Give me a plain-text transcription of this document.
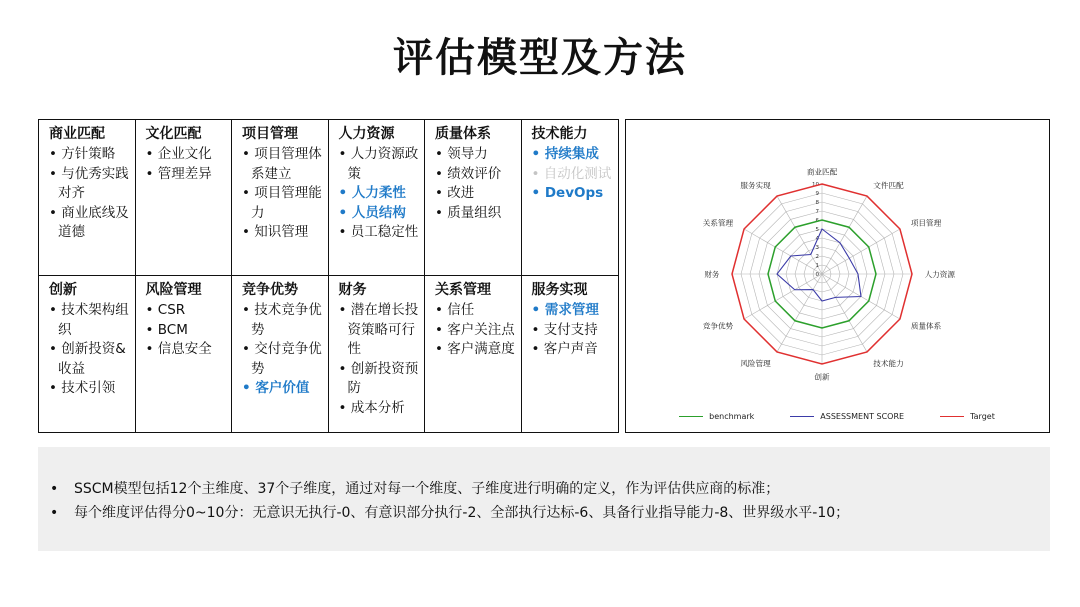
评估模型及方法
商业匹配
• 方针策略
• 与优秀实践对齐
• 商业底线及道德
文化匹配
• 企业文化
• 管理差异
项目管理
• 项目管理体系建立
• 项目管理能力
• 知识管理
人力资源
• 人力资源政策
• 人力柔性
• 人员结构
• 员工稳定性
质量体系
• 领导力
• 绩效评价
• 改进
• 质量组织
技术能力
• 持续集成
• 自动化测试
• DevOps
创新
• 技术架构组织
• 创新投资&收益
• 技术引领
风险管理
• CSR
• BCM
• 信息安全
竞争优势
• 技术竞争优势
• 交付竞争优势
• 客户价值
财务
• 潜在增长投资策略可行性
• 创新投资预防
• 成本分析
关系管理
• 信任
• 客户关注点
• 客户满意度
服务实现
• 需求管理
• 支付支持
• 客户声音
0
1
2
3
4
5
6
7
8
9
10
商业匹配
文件匹配
项目管理
人力资源
质量体系
技术能力
创新
风险管理
竞争优势
财务
关系管理
服务实现
benchmark	ASSESSMENT SCORE	Target
• SSCM模型包括12个主维度、37个子维度，通过对每一个维度、子维度进行明确的定义，作为评估供应商的标准；
• 每个维度评估得分0~10分：无意识无执行-0、有意识部分执行-2、全部执行达标-6、具备行业指导能力-8、世界级水平-10；
